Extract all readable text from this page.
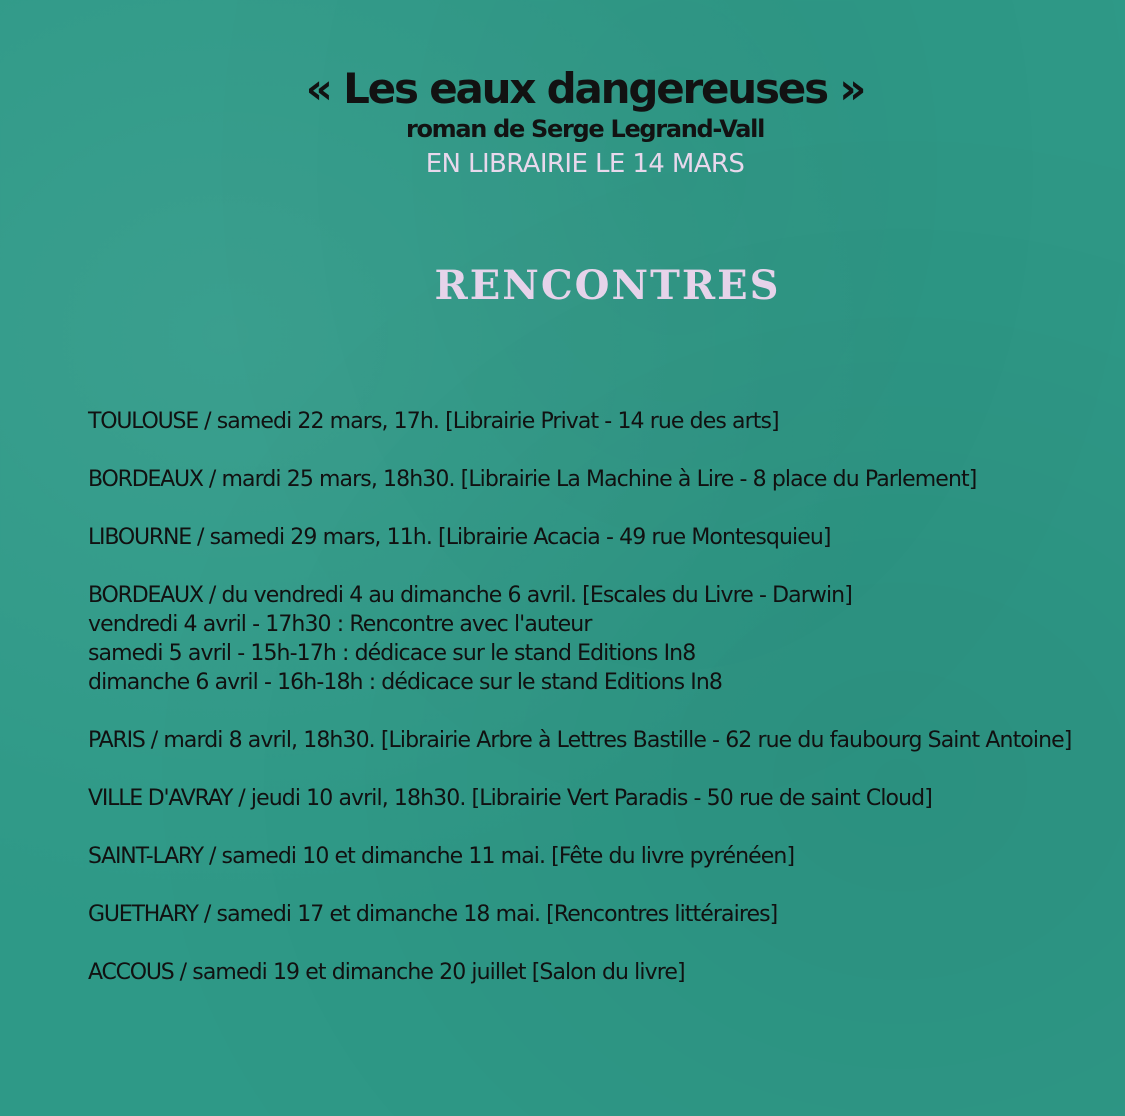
« Les eaux dangereuses »
roman de Serge Legrand-Vall
EN LIBRAIRIE LE 14 MARS
RENCONTRES
TOULOUSE / samedi 22 mars, 17h. [Librairie Privat - 14 rue des arts]
BORDEAUX / mardi 25 mars, 18h30. [Librairie La Machine à Lire - 8 place du Parlement]
LIBOURNE / samedi 29 mars, 11h. [Librairie Acacia - 49 rue Montesquieu]
BORDEAUX / du vendredi 4 au dimanche 6 avril. [Escales du Livre - Darwin]
vendredi 4 avril - 17h30 : Rencontre avec l'auteur
samedi 5 avril - 15h-17h : dédicace sur le stand Editions In8
dimanche 6 avril - 16h-18h : dédicace sur le stand Editions In8
PARIS / mardi 8 avril, 18h30. [Librairie Arbre à Lettres Bastille - 62 rue du faubourg Saint Antoine]
VILLE D'AVRAY / jeudi 10 avril, 18h30. [Librairie Vert Paradis - 50 rue de saint Cloud]
SAINT-LARY / samedi 10 et dimanche 11 mai. [Fête du livre pyrénéen]
GUETHARY / samedi 17 et dimanche 18 mai. [Rencontres littéraires]
ACCOUS / samedi 19 et dimanche 20 juillet [Salon du livre]
